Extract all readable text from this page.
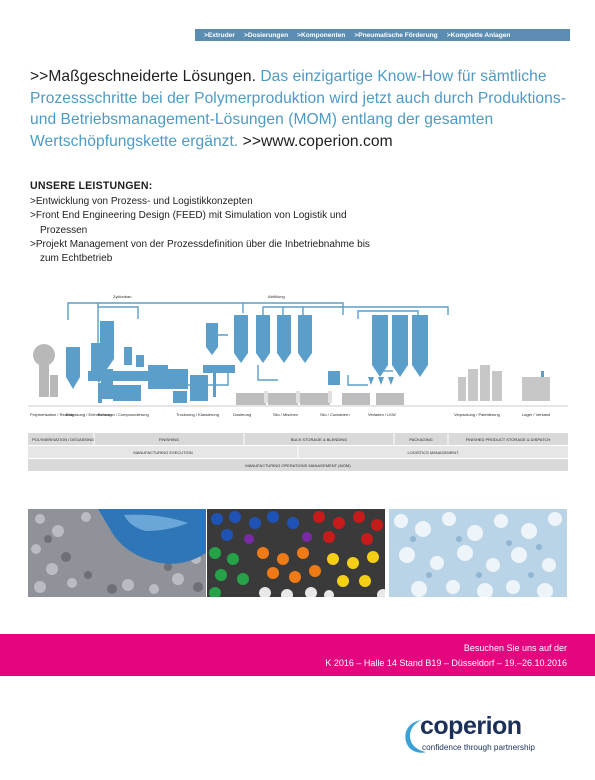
>Extruder >Dosierungen >Komponenten >Pneumatische Förderung >Komplette Anlagen
>>Maßgeschneiderte Lösungen. Das einzigartige Know-How für sämtliche Prozessschritte bei der Polymerproduktion wird jetzt auch durch Produktions- und Betriebsmanagement-Lösungen (MOM) entlang der gesamten Wertschöpfungskette ergänzt. >>www.coperion.com
UNSERE LEISTUNGEN:

>Entwicklung von Prozess- und Logistikkonzepten

>Front End Engineering Design (FEED) mit Simulation von Logistik und Prozessen

>Projekt Management von der Prozessdefinition über die Inbetriebnahme bis zum Echtbetrieb

Zyklonbau	Abfüllung
Polymerisation / Reaktor
Entgasung / Entmischung
Extrusion / Compoundierung	Trocknung / Klassierung	Dosierung	Silo / Mischen	Silo / Containern	Verladen / LKW	Verpackung / Palettierung	Lager / Versand
POLYMERISATION / DEGASSING	FINISHING	BULK STORAGE & BLENDING	PACKAGING	FINISHED PRODUCT STORAGE & DISPATCH
MANUFACTURING EXECUTION	LOGISTICS MANAGEMENT
MANUFACTURING OPERATIONS MANAGEMENT (MOM)
Besuchen Sie uns auf der
K 2016 – Halle 14 Stand B19 – Düsseldorf – 19.–26.10.2016
coperion
confidence through partnership
